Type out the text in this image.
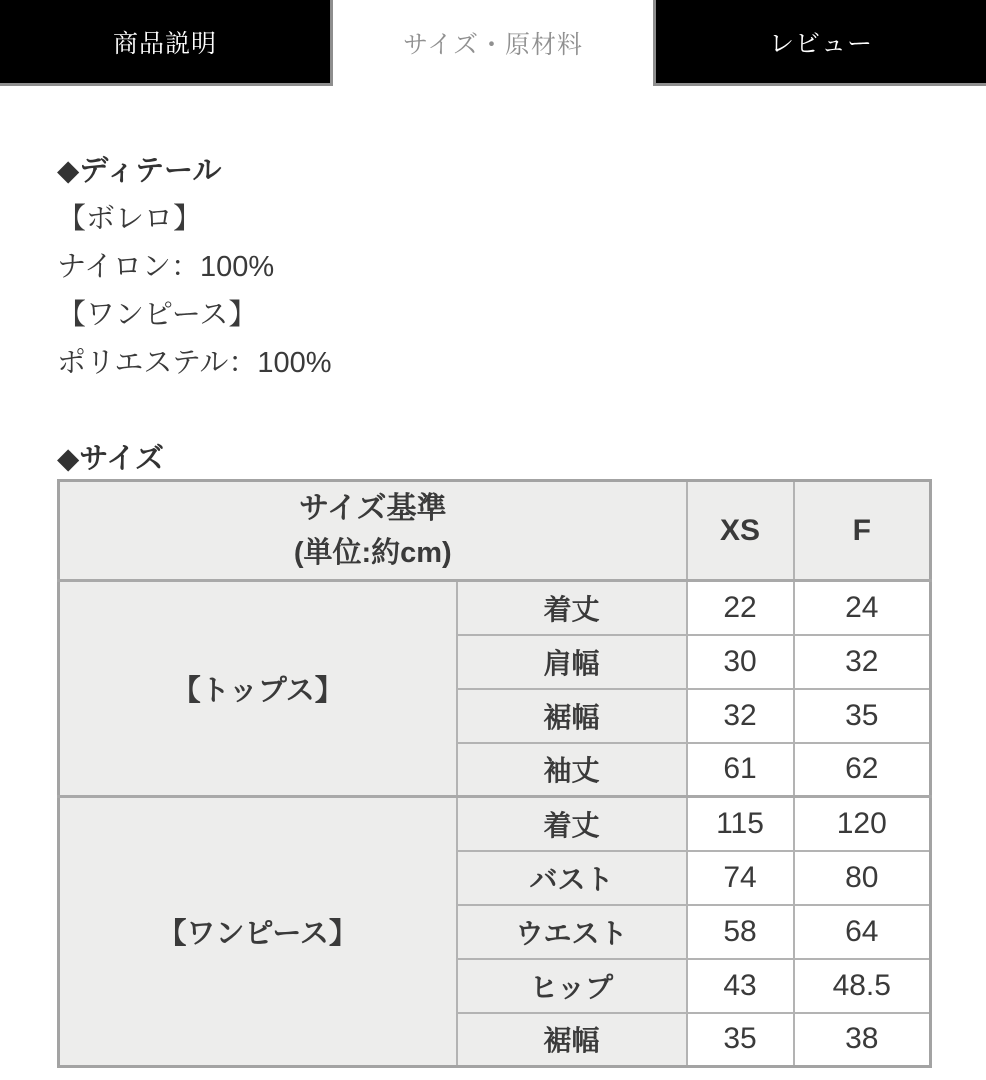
商品説明	サイズ・原材料	レビュー
◆ディテール
【ボレロ】
ナイロン：100%
【ワンピース】
ポリエステル：100%
◆サイズ
サイズ基準
(単位:約cm)		XS	F
【トップス】	着丈	22	24
	肩幅	30	32
	裾幅	32	35
	袖丈	61	62
【ワンピース】	着丈	115	120
	バスト	74	80
	ウエスト	58	64
	ヒップ	43	48.5
	裾幅	35	38
